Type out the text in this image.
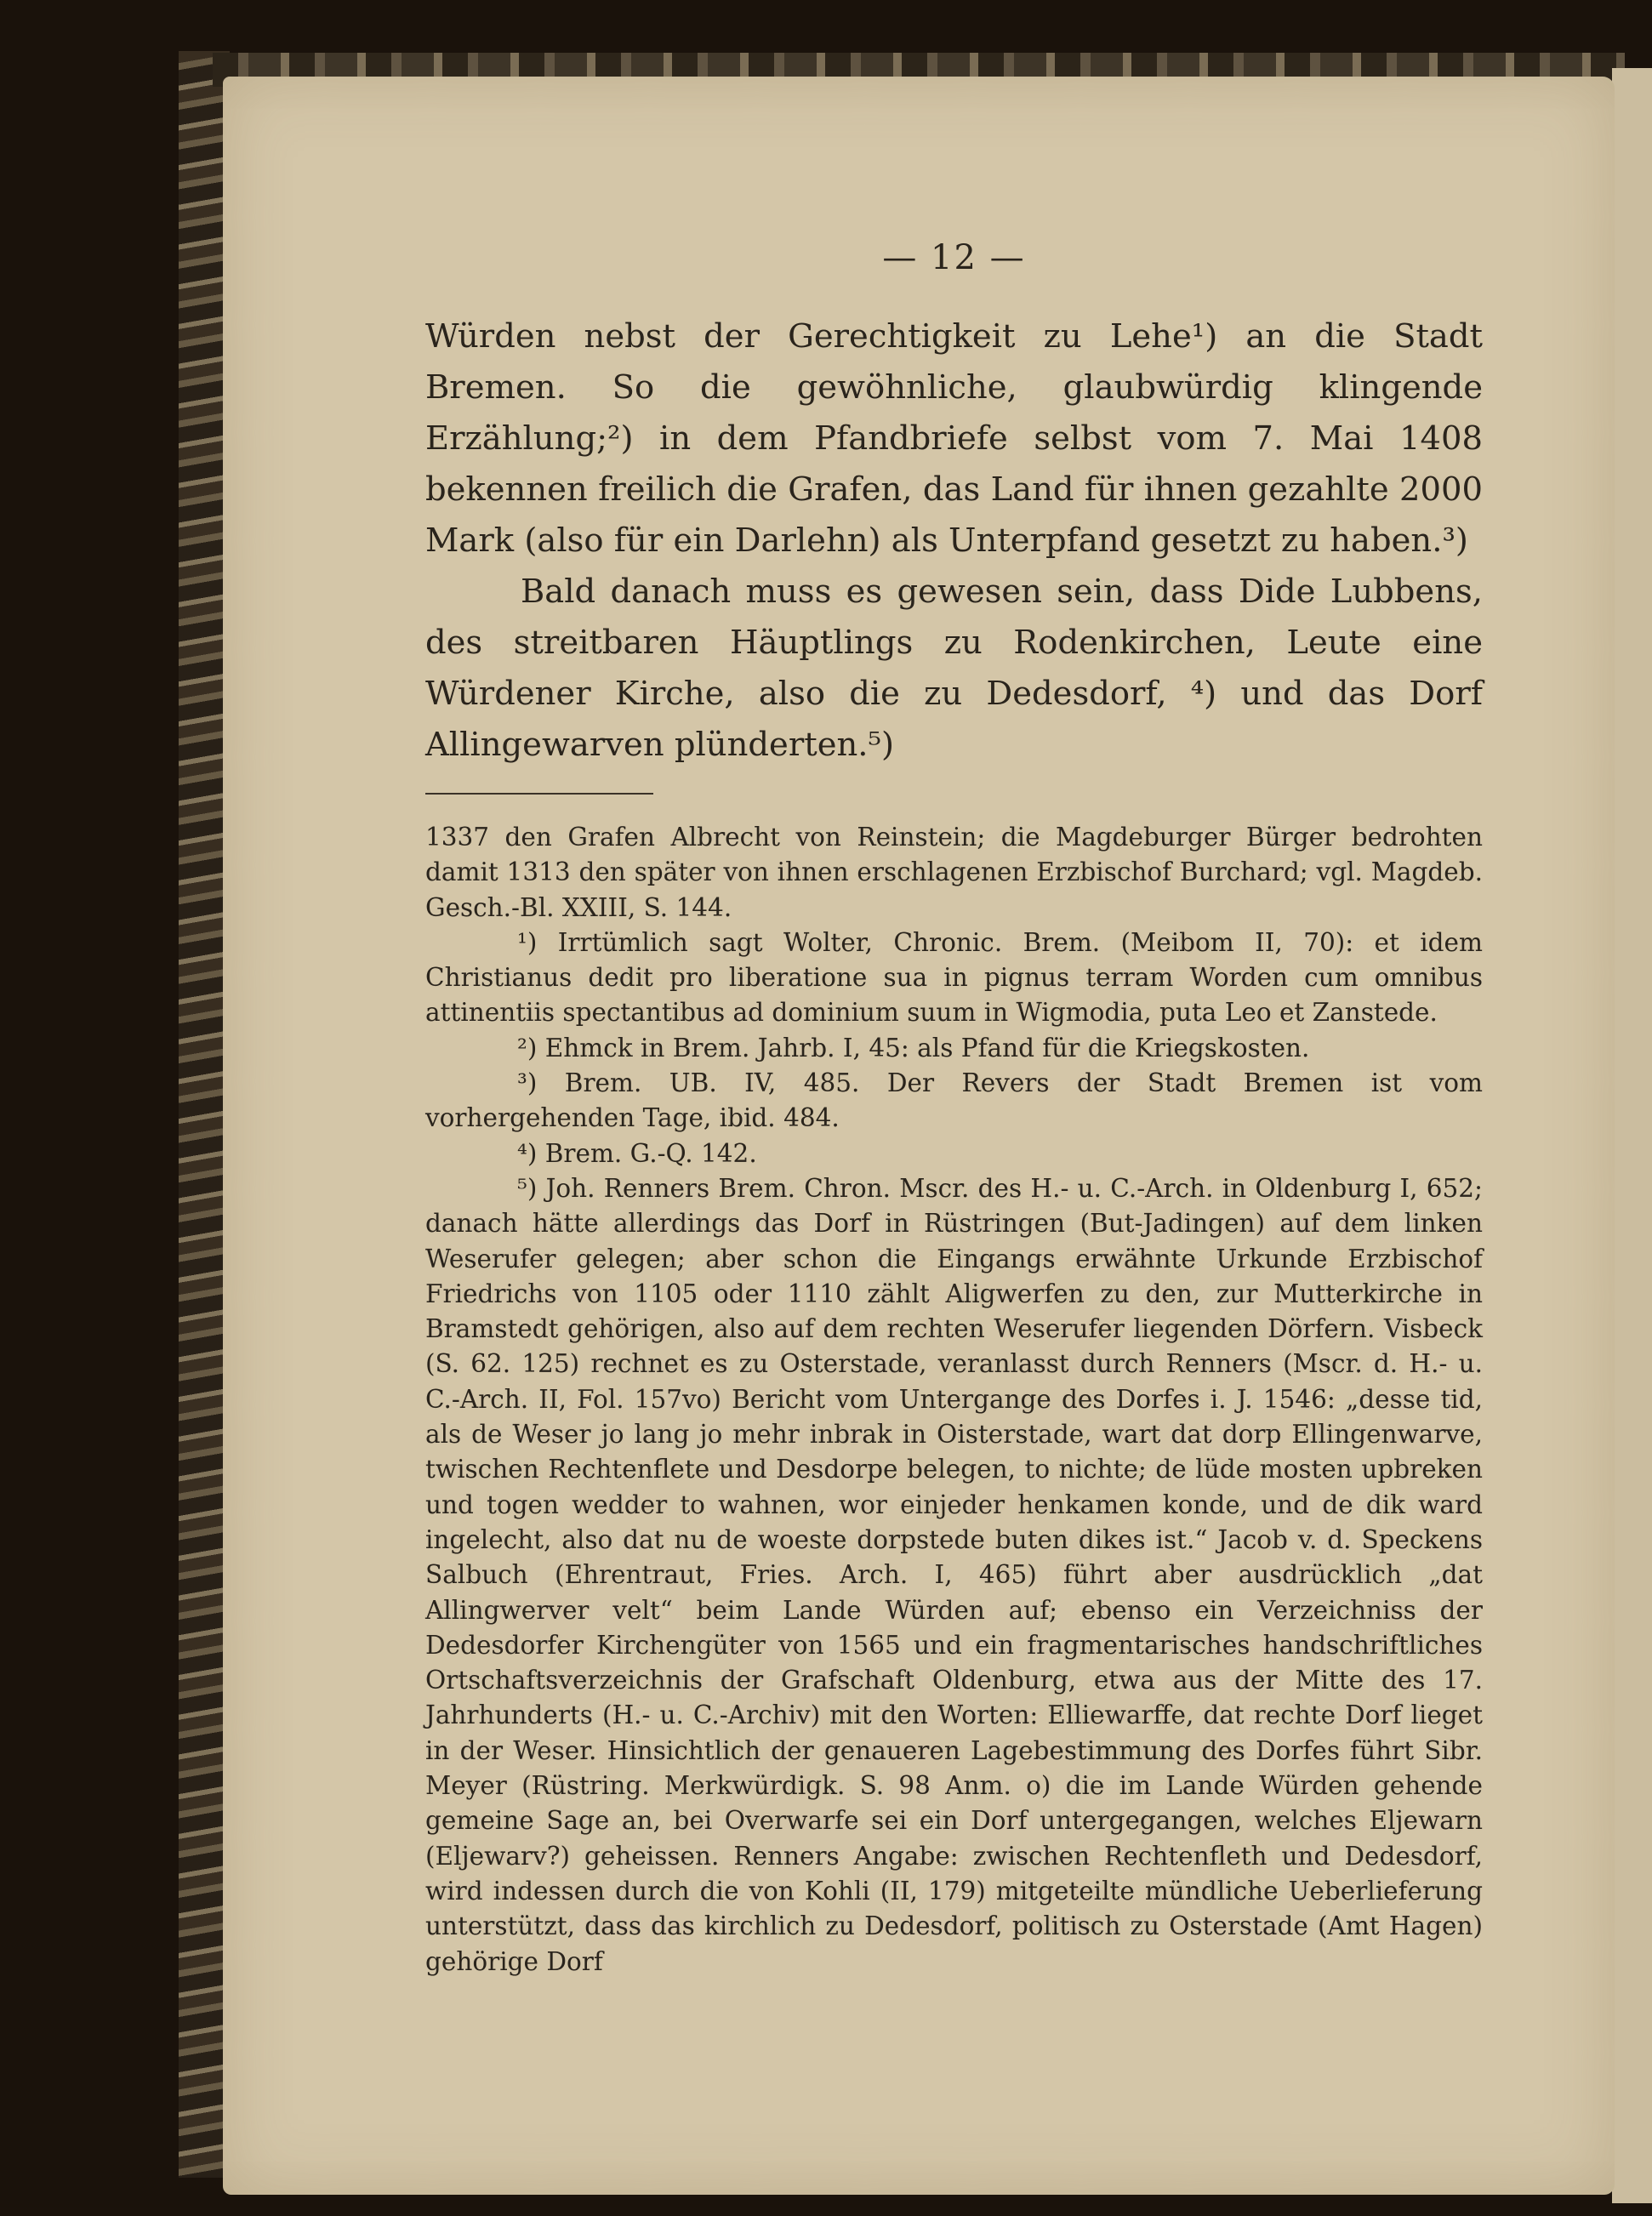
— 12 —

Würden nebst der Gerechtigkeit zu Lehe¹) an die Stadt Bremen. So die gewöhnliche, glaubwürdig klingende Erzählung;²) in dem Pfandbriefe selbst vom 7. Mai 1408 bekennen freilich die Grafen, das Land für ihnen gezahlte 2000 Mark (also für ein Darlehn) als Unterpfand gesetzt zu haben.³)

Bald danach muss es gewesen sein, dass Dide Lubbens, des streitbaren Häuptlings zu Rodenkirchen, Leute eine Würdener Kirche, also die zu Dedesdorf, ⁴) und das Dorf Allingewarven plünderten.⁵)

1337 den Grafen Albrecht von Reinstein; die Magdeburger Bürger bedrohten damit 1313 den später von ihnen erschlagenen Erzbischof Burchard; vgl. Magdeb. Gesch.-Bl. XXIII, S. 144.

¹) Irrtümlich sagt Wolter, Chronic. Brem. (Meibom II, 70): et idem Christianus dedit pro liberatione sua in pignus terram Worden cum omnibus attinentiis spectantibus ad dominium suum in Wigmodia, puta Leo et Zanstede.

²) Ehmck in Brem. Jahrb. I, 45: als Pfand für die Kriegskosten.

³) Brem. UB. IV, 485. Der Revers der Stadt Bremen ist vom vorhergehenden Tage, ibid. 484.

⁴) Brem. G.-Q. 142.

⁵) Joh. Renners Brem. Chron. Mscr. des H.- u. C.-Arch. in Oldenburg I, 652; danach hätte allerdings das Dorf in Rüstringen (But-Jadingen) auf dem linken Weserufer gelegen; aber schon die Eingangs erwähnte Urkunde Erzbischof Friedrichs von 1105 oder 1110 zählt Aligwerfen zu den, zur Mutterkirche in Bramstedt gehörigen, also auf dem rechten Weserufer liegenden Dörfern. Visbeck (S. 62. 125) rechnet es zu Osterstade, veranlasst durch Renners (Mscr. d. H.- u. C.-Arch. II, Fol. 157vo) Bericht vom Untergange des Dorfes i. J. 1546: „desse tid, als de Weser jo lang jo mehr inbrak in Oisterstade, wart dat dorp Ellingenwarve, twischen Rechtenflete und Desdorpe belegen, to nichte; de lüde mosten upbreken und togen wedder to wahnen, wor einjeder henkamen konde, und de dik ward ingelecht, also dat nu de woeste dorpstede buten dikes ist.“ Jacob v. d. Speckens Salbuch (Ehrentraut, Fries. Arch. I, 465) führt aber ausdrücklich „dat Allingwerver velt“ beim Lande Würden auf; ebenso ein Verzeichniss der Dedesdorfer Kirchengüter von 1565 und ein fragmentarisches handschriftliches Ortschaftsverzeichnis der Grafschaft Oldenburg, etwa aus der Mitte des 17. Jahrhunderts (H.- u. C.-Archiv) mit den Worten: Elliewarffe, dat rechte Dorf lieget in der Weser. Hinsichtlich der genaueren Lagebestimmung des Dorfes führt Sibr. Meyer (Rüstring. Merkwürdigk. S. 98 Anm. o) die im Lande Würden gehende gemeine Sage an, bei Overwarfe sei ein Dorf untergegangen, welches Eljewarn (Eljewarv?) geheissen. Renners Angabe: zwischen Rechtenfleth und Dedesdorf, wird indessen durch die von Kohli (II, 179) mitgeteilte mündliche Ueberlieferung unterstützt, dass das kirchlich zu Dedesdorf, politisch zu Osterstade (Amt Hagen) gehörige Dorf
